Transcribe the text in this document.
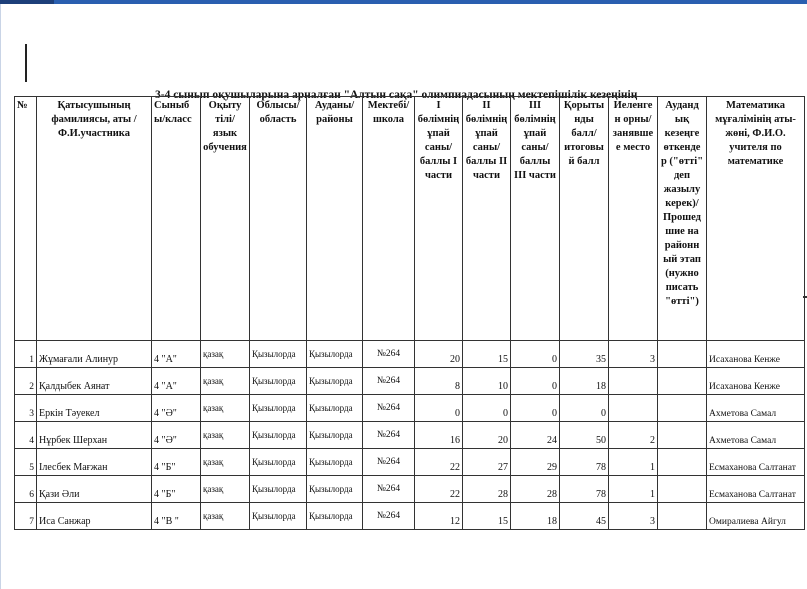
3-4 сынып оқушыларына арналған "Алтын сақа" олимпиадасының мектепішілік кезеңінің
№	Қатысушының фамилиясы, аты /Ф.И.участника	Сыныб ы/класс	Оқыту тілі/ язык обучения	Облысы/ область	Ауданы/ районы	Мектебі/ школа	I бөлімнің ұпай саны/ баллы I части	II бөлімнің ұпай саны/ баллы II части	III бөлімнің ұпай саны/ баллы III части	Қорыты нды балл/ итоговы й балл	Иеленге н орны/ занявше е место	Ауданд ық кезеңге өткенде р ("өтті" деп жазылу керек)/ Прошед шие на районн ый этап (нужно писать "өтті")	Математика мұғалімінің аты-жөні, Ф.И.О. учителя по математике
1	Жұмағали Алинур	4 "А"	қазақ	Қызылорда	Қызылорда	№264	20	15	0	35	3		Исаханова Кенже
2	Қалдыбек Аянат	4 "А"	қазақ	Қызылорда	Қызылорда	№264	8	10	0	18			Исаханова Кенже
3	Еркін Тәуекел	4 "Ә"	қазақ	Қызылорда	Қызылорда	№264	0	0	0	0			Ахметова Самал
4	Нұрбек Шерхан	4 "Ә"	қазақ	Қызылорда	Қызылорда	№264	16	20	24	50	2		Ахметова Самал
5	Ілесбек Мағжан	4 "Б"	қазақ	Қызылорда	Қызылорда	№264	22	27	29	78	1		Есмаханова Салтанат
6	Қази Әли	4 "Б"	қазақ	Қызылорда	Қызылорда	№264	22	28	28	78	1		Есмаханова Салтанат
7	Иса Санжар	4 "В "	қазақ	Қызылорда	Қызылорда	№264	12	15	18	45	3		Омиралиева Айгул
